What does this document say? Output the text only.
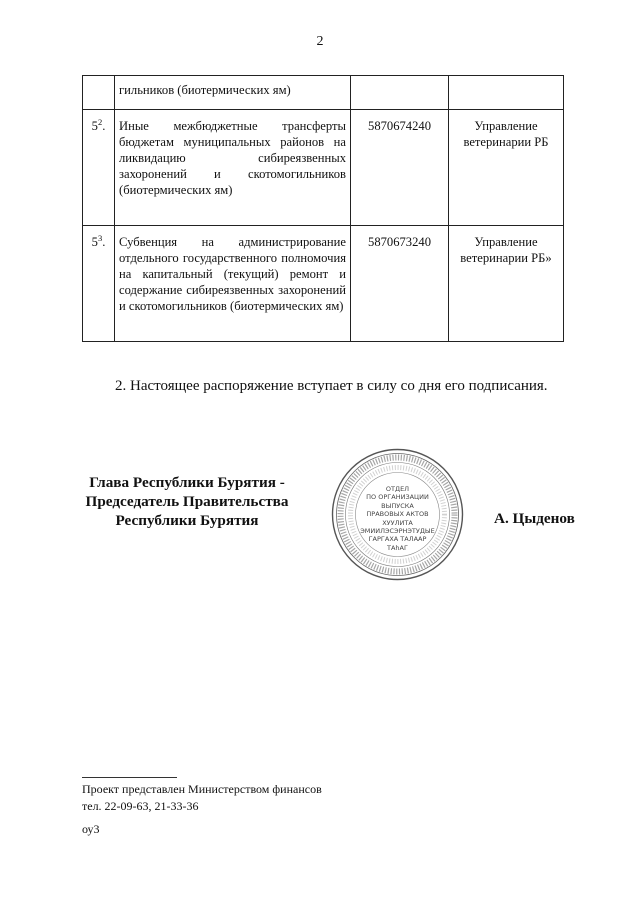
2
	гильников (биотермических ям)		
$5^2$.	Иные межбюджетные трансферты бюджетам муниципальных районов на ликвидацию сибиреязвенных захоронений и скотомогильников (биотермических ям)	5870674240	Управление ветеринарии РБ
$5^3$.	Субвенция на администрирование отдельного государственного полномочия на капитальный (текущий) ремонт и содержание сибиреязвенных захоронений и скотомогильников (биотермических ям)	5870673240	Управление ветеринарии РБ»
2. Настоящее распоряжение вступает в силу со дня его подписания.
Глава Республики Бурятия -
Председатель Правительства
Республики Бурятия
ОТДЕЛ
ПО ОРГАНИЗАЦИИ
ВЫПУСКА
ПРАВОВЫХ АКТОВ
ХУУЛИТА
ЭМИИЛЭСЭРНЭТУДЫЕ
ГАРГАХА ТАЛААР
ТАhАГ
А. Цыденов
Проект представлен Министерством финансов
тел. 22-09-63, 21-33-36
оу3
